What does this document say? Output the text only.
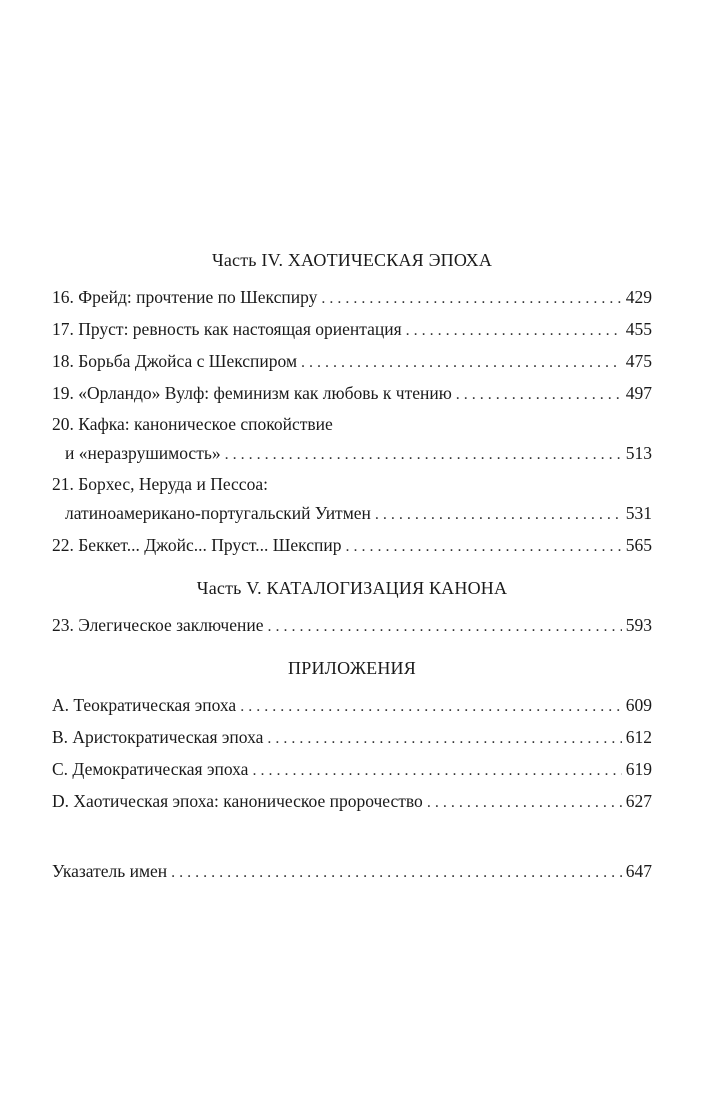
Часть IV. ХАОТИЧЕСКАЯ ЭПОХА
16. Фрейд: прочтение по Шекспиру . . .	429
17. Пруст: ревность как настоящая ориентация . . .	455
18. Борьба Джойса с Шекспиром . . .	475
19. «Орландо» Вулф: феминизм как любовь к чтению . . .	497
20. Кафка: каноническое спокойствие
и «неразрушимость» . . .	513
21. Борхес, Неруда и Пессоа:
латиноамерикано-португальский Уитмен . . .	531
22. Беккет... Джойс... Пруст... Шекспир . . .	565
Часть V. КАТАЛОГИЗАЦИЯ КАНОНА
23. Элегическое заключение . . .	593
ПРИЛОЖЕНИЯ
A. Теократическая эпоха . . .	609
B. Аристократическая эпоха . . .	612
C. Демократическая эпоха . . .	619
D. Хаотическая эпоха: каноническое пророчество . . .	627
Указатель имен . . .	647
